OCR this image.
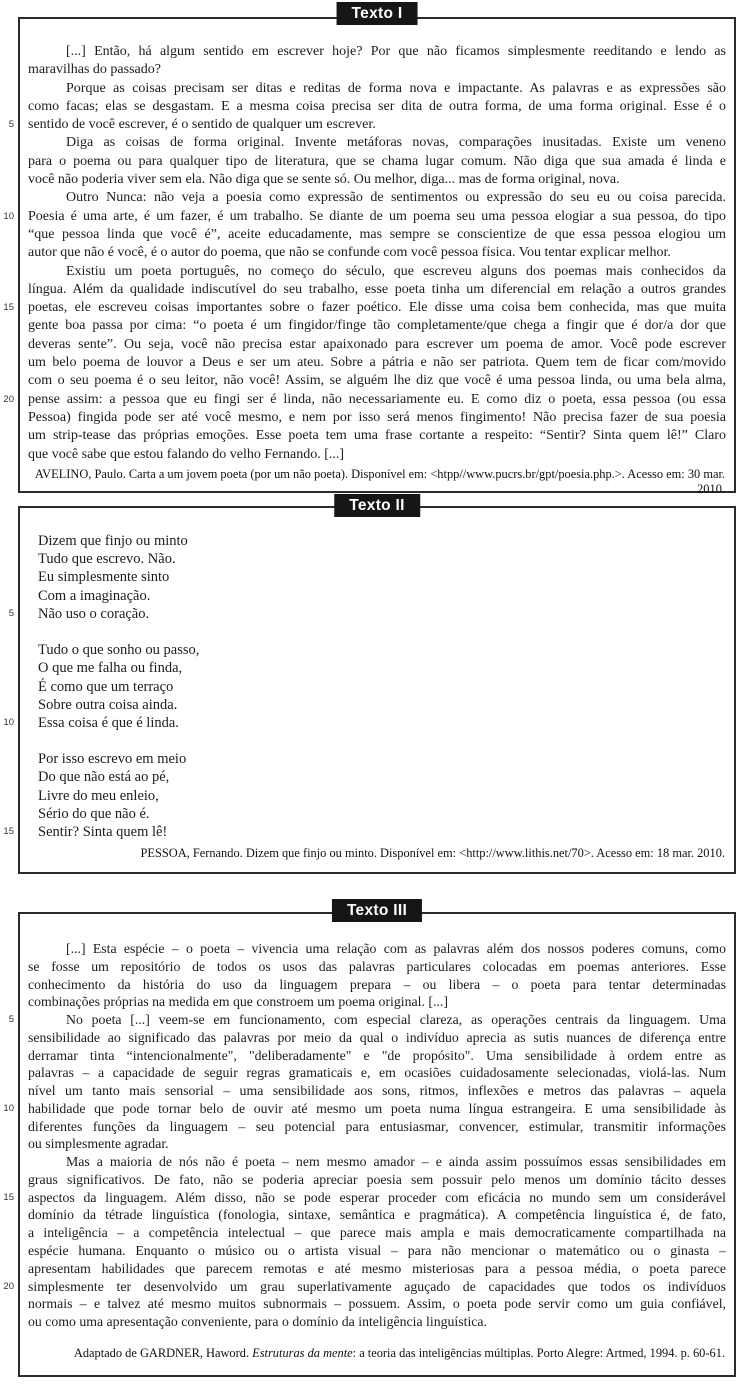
Texto I
[...] Então, há algum sentido em escrever hoje? Por que não ficamos simplesmente reeditando e lendo as
maravilhas do passado?
Porque as coisas precisam ser ditas e reditas de forma nova e impactante. As palavras e as expressões são
como facas; elas se desgastam. E a mesma coisa precisa ser dita de outra forma, de uma forma original. Esse é o
sentido de você escrever, é o sentido de qualquer um escrever.
Diga as coisas de forma original. Invente metáforas novas, comparações inusitadas. Existe um veneno
para o poema ou para qualquer tipo de literatura, que se chama lugar comum. Não diga que sua amada é linda e
você não poderia viver sem ela. Não diga que se sente só. Ou melhor, diga... mas de forma original, nova.
Outro Nunca: não veja a poesia como expressão de sentimentos ou expressão do seu eu ou coisa parecida.
Poesia é uma arte, é um fazer, é um trabalho. Se diante de um poema seu uma pessoa elogiar a sua pessoa, do tipo
“que pessoa linda que você é”, aceite educadamente, mas sempre se conscientize de que essa pessoa elogiou um
autor que não é você, é o autor do poema, que não se confunde com você pessoa física. Vou tentar explicar melhor.
Existiu um poeta português, no começo do século, que escreveu alguns dos poemas mais conhecidos da
língua. Além da qualidade indiscutível do seu trabalho, esse poeta tinha um diferencial em relação a outros grandes
poetas, ele escreveu coisas importantes sobre o fazer poético. Ele disse uma coisa bem conhecida, mas que muita
gente boa passa por cima: “o poeta é um fingidor/finge tão completamente/que chega a fingir que é dor/a dor que
deveras sente”. Ou seja, você não precisa estar apaixonado para escrever um poema de amor. Você pode escrever
um belo poema de louvor a Deus e ser um ateu. Sobre a pátria e não ser patriota. Quem tem de ficar com/movido
com o seu poema é o seu leitor, não você! Assim, se alguém lhe diz que você é uma pessoa linda, ou uma bela alma,
pense assim: a pessoa que eu fingi ser é linda, não necessariamente eu. E como diz o poeta, essa pessoa (ou essa
Pessoa) fingida pode ser até você mesmo, e nem por isso será menos fingimento! Não precisa fazer de sua poesia
um strip-tease das próprias emoções. Esse poeta tem uma frase cortante a respeito: “Sentir? Sinta quem lê!” Claro
que você sabe que estou falando do velho Fernando. [...]
AVELINO, Paulo. Carta a um jovem poeta (por um não poeta). Disponível em: <htpp//www.pucrs.br/gpt/poesia.php.>. Acesso em: 30 mar. 2010.
5
10
15
20
Texto II
Dizem que finjo ou minto
Tudo que escrevo. Não.
Eu simplesmente sinto
Com a imaginação.
Não uso o coração.
Tudo o que sonho ou passo,
O que me falha ou finda,
É como que um terraço
Sobre outra coisa ainda.
Essa coisa é que é linda.
Por isso escrevo em meio
Do que não está ao pé,
Livre do meu enleio,
Sério do que não é.
Sentir? Sinta quem lê!
PESSOA, Fernando. Dizem que finjo ou minto. Disponível em: <http://www.lithis.net/70>. Acesso em: 18 mar. 2010.
5
10
15
Texto III
[...] Esta espécie – o poeta – vivencia uma relação com as palavras além dos nossos poderes comuns, como
se fosse um repositório de todos os usos das palavras particulares colocadas em poemas anteriores. Esse
conhecimento da história do uso da linguagem prepara – ou libera – o poeta para tentar determinadas
combinações próprias na medida em que constroem um poema original. [...]
No poeta [...] veem-se em funcionamento, com especial clareza, as operações centrais da linguagem. Uma
sensibilidade ao significado das palavras por meio da qual o indivíduo aprecia as sutis nuances de diferença entre
derramar tinta “intencionalmente", "deliberadamente" e "de propósito". Uma sensibilidade à ordem entre as
palavras – a capacidade de seguir regras gramaticais e, em ocasiões cuidadosamente selecionadas, violá-las. Num
nível um tanto mais sensorial – uma sensibilidade aos sons, ritmos, inflexões e metros das palavras – aquela
habilidade que pode tornar belo de ouvir até mesmo um poeta numa língua estrangeira. E uma sensibilidade às
diferentes funções da linguagem – seu potencial para entusiasmar, convencer, estimular, transmitir informações
ou simplesmente agradar.
Mas a maioria de nós não é poeta – nem mesmo amador – e ainda assim possuímos essas sensibilidades em
graus significativos. De fato, não se poderia apreciar poesia sem possuir pelo menos um domínio tácito desses
aspectos da linguagem. Além disso, não se pode esperar proceder com eficácia no mundo sem um considerável
domínio da tétrade linguística (fonologia, sintaxe, semântica e pragmática). A competência linguística é, de fato,
a inteligência – a competência intelectual – que parece mais ampla e mais democraticamente compartilhada na
espécie humana. Enquanto o músico ou o artista visual – para não mencionar o matemático ou o ginasta –
apresentam habilidades que parecem remotas e até mesmo misteriosas para a pessoa média, o poeta parece
simplesmente ter desenvolvido um grau superlativamente aguçado de capacidades que todos os indivíduos
normais – e talvez até mesmo muitos subnormais – possuem. Assim, o poeta pode servir como um guia confiável,
ou como uma apresentação conveniente, para o domínio da inteligência linguística.
Adaptado de GARDNER, Haword. Estruturas da mente: a teoria das inteligências múltiplas. Porto Alegre: Artmed, 1994. p. 60-61.
5
10
15
20
